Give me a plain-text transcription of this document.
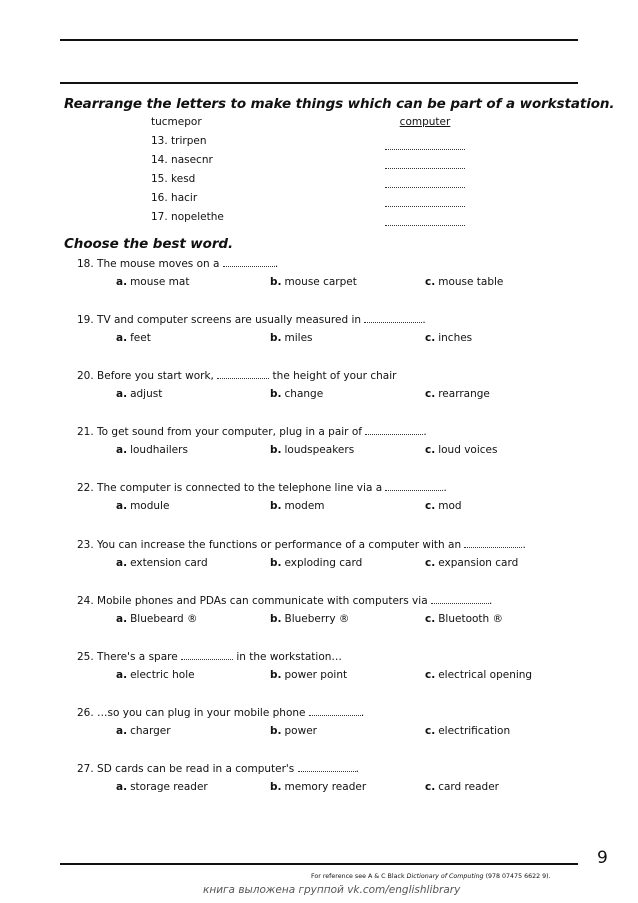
Rearrange the letters to make things which can be part of a workstation.
tucmepor	computer
13. trirpen
14. nasecnr
15. kesd
16. hacir
17. nopelethe
Choose the best word.
18. The mouse moves on a	.
a. mouse mat	b. mouse carpet	c. mouse table
19. TV and computer screens are usually measured in	.
a. feet	b. miles	c. inches
20. Before you start work,	the height of your chair
a. adjust	b. change	c. rearrange
21. To get sound from your computer, plug in a pair of	.
a. loudhailers	b. loudspeakers	c. loud voices
22. The computer is connected to the telephone line via a	.
a. module	b. modem	c. mod
23. You can increase the functions or performance of a computer with an	.
a. extension card	b. exploding card	c. expansion card
24. Mobile phones and PDAs can communicate with computers via	.
a. Bluebeard ®	b. Blueberry ®	c. Bluetooth ®
25. There's a spare	in the workstation…
a. electric hole	b. power point	c. electrical opening
26. …so you can plug in your mobile phone	.
a. charger	b. power	c. electrification
27. SD cards can be read in a computer's	.
a. storage reader	b. memory reader	c. card reader
9
For reference see A & C Black Dictionary of Computing (978 07475 6622 9).
книга выложена группой vk.com/englishlibrary
